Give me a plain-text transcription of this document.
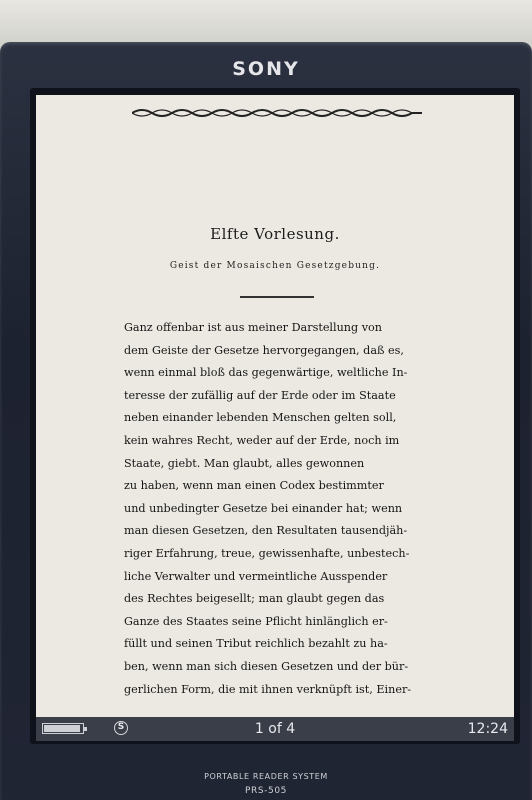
SONY
Elfte Vorlesung.
Geist der Mosaischen Gesetzgebung.
Ganz offenbar ist aus meiner Darstellung von
dem Geiste der Gesetze hervorgegangen, daß es,
wenn einmal bloß das gegenwärtige, weltliche In-
teresse der zufällig auf der Erde oder im Staate
neben einander lebenden Menschen gelten soll,
kein wahres Recht, weder auf der Erde, noch im
Staate, giebt. Man glaubt, alles gewonnen
zu haben, wenn man einen Codex bestimmter
und unbedingter Gesetze bei einander hat; wenn
man diesen Gesetzen, den Resultaten tausendjäh-
riger Erfahrung, treue, gewissenhafte, unbestech-
liche Verwalter und vermeintliche Ausspender
des Rechtes beigesellt; man glaubt gegen das
Ganze des Staates seine Pflicht hinlänglich er-
füllt und seinen Tribut reichlich bezahlt zu ha-
ben, wenn man sich diesen Gesetzen und der bür-
gerlichen Form, die mit ihnen verknüpft ist, Einer-
S	1 of 4	12:24
PORTABLE READER SYSTEM
PRS-505
